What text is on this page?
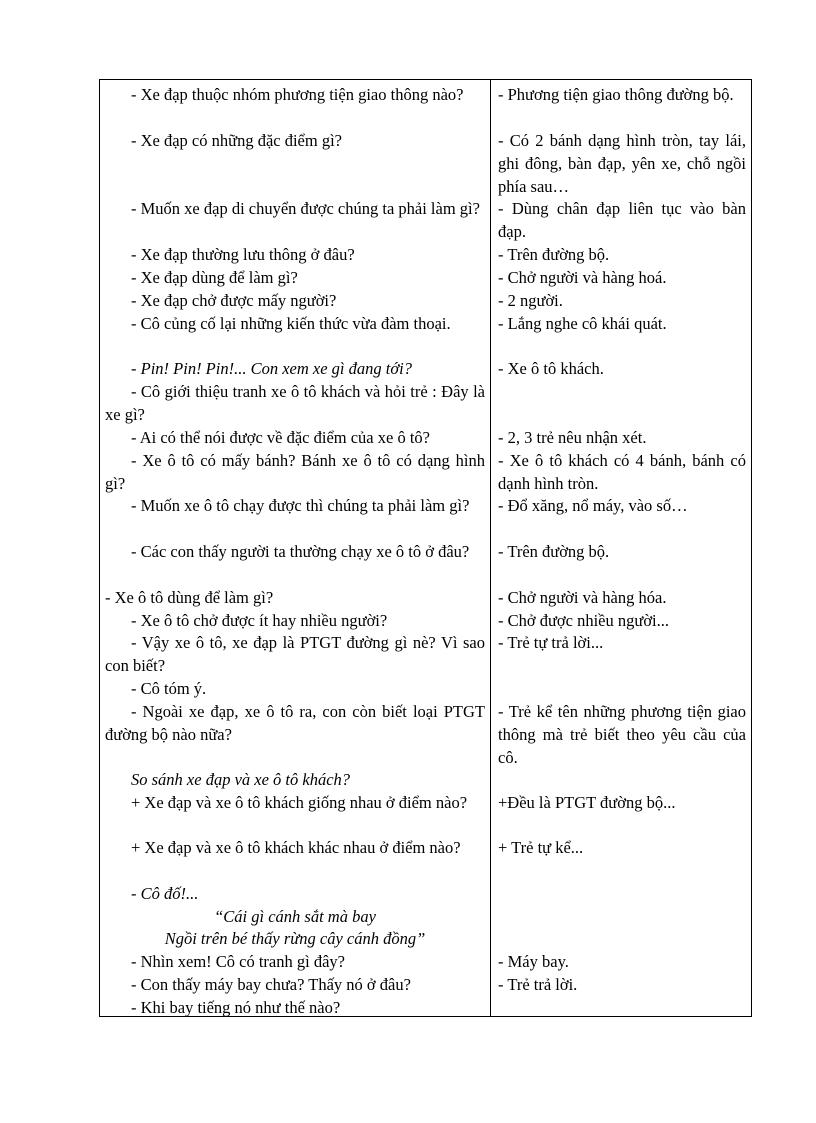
- Xe đạp thuộc nhóm phương tiện giao thông nào?
- Xe đạp có những đặc điểm gì?
- Muốn xe đạp di chuyển được chúng ta phải làm gì?
- Xe đạp thường lưu thông ở đâu?
- Xe đạp dùng để làm gì?
- Xe đạp chở được mấy người?
- Cô củng cố lại những kiến thức vừa đàm thoại.
- Pin! Pin! Pin!... Con xem xe gì đang tới?
- Cô giới thiệu tranh xe ô tô khách và hỏi trẻ : Đây là xe gì?
- Ai có thể nói được về đặc điểm của xe ô tô?
- Xe ô tô có mấy bánh? Bánh xe ô tô có dạng hình gì?
- Muốn xe ô tô chạy được thì chúng ta phải làm gì?
- Các con thấy người ta thường chạy xe ô tô ở đâu?
- Xe ô tô dùng để làm gì?
- Xe ô tô chở được ít hay nhiều người?
- Vậy xe ô tô, xe đạp là PTGT đường gì nè? Vì sao con biết?
- Cô tóm ý.
- Ngoài xe đạp, xe ô tô ra, con còn biết loại PTGT đường bộ nào nữa?
So sánh xe đạp và xe ô tô khách?
+ Xe đạp và xe ô tô khách giống nhau ở điểm nào?
+ Xe đạp và xe ô tô khách khác nhau ở điểm nào?
- Cô đố!...
“Cái gì cánh sắt mà bay
Ngồi trên bé thấy rừng cây cánh đồng”
- Nhìn xem! Cô có tranh gì đây?
- Con thấy máy bay chưa? Thấy nó ở đâu?
- Khi bay tiếng nó như thế nào?
- Phương tiện giao thông đường bộ.
- Có 2 bánh dạng hình tròn, tay lái, ghi đông, bàn đạp, yên xe, chỗ ngồi phía sau…
- Dùng chân đạp liên tục vào bàn đạp.
- Trên đường bộ.
- Chở người và hàng hoá.
- 2 người.
- Lắng nghe cô khái quát.
- Xe ô tô khách.
- 2, 3 trẻ nêu nhận xét.
- Xe ô tô khách có 4 bánh, bánh có dạnh hình tròn.
- Đổ xăng, nổ máy, vào số…
- Trên đường bộ.
- Chở người và hàng hóa.
- Chở được nhiều người...
- Trẻ tự trả lời...
- Trẻ kể tên những phương tiện giao thông mà trẻ biết theo yêu cầu của cô.
+Đều là PTGT đường bộ...
+ Trẻ tự kể...
- Máy bay.
- Trẻ trả lời.
